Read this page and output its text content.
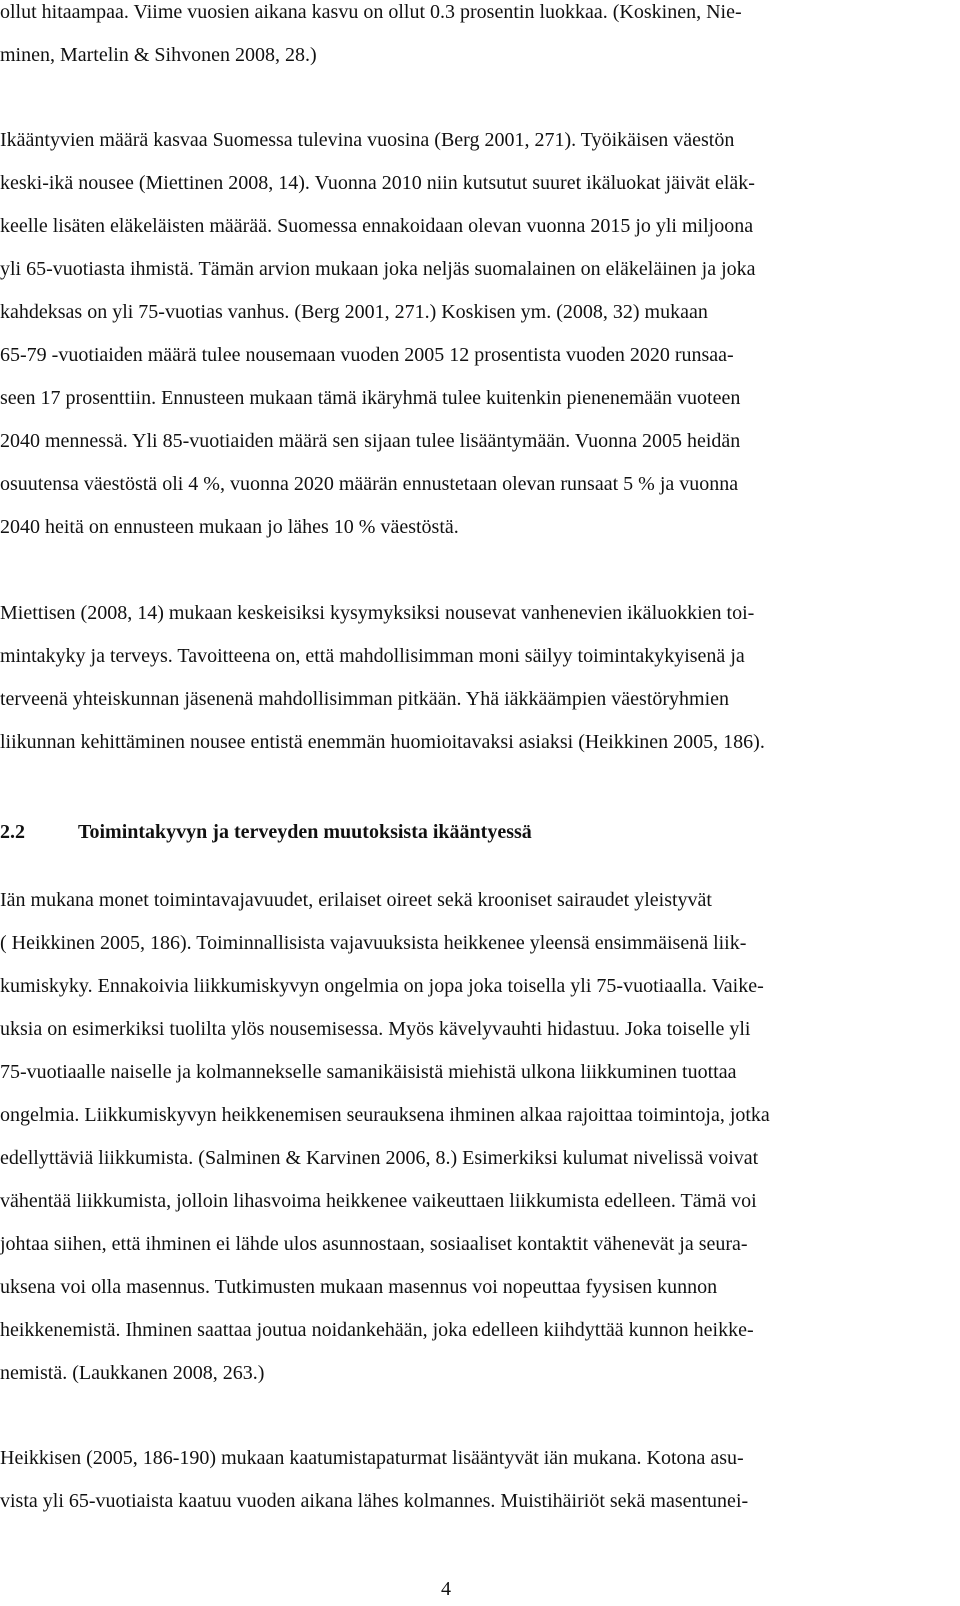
ollut hitaampaa. Viime vuosien aikana kasvu on ollut 0.3 prosentin luokkaa. (Koskinen, Nie-
minen, Martelin & Sihvonen 2008, 28.)
Ikääntyvien määrä kasvaa Suomessa tulevina vuosina (Berg 2001, 271). Työikäisen väestön
keski-ikä nousee (Miettinen 2008, 14). Vuonna 2010 niin kutsutut suuret ikäluokat jäivät eläk-
keelle lisäten eläkeläisten määrää. Suomessa ennakoidaan olevan vuonna 2015 jo yli miljoona
yli 65-vuotiasta ihmistä. Tämän arvion mukaan joka neljäs suomalainen on eläkeläinen ja joka
kahdeksas on yli 75-vuotias vanhus. (Berg 2001, 271.) Koskisen ym. (2008, 32) mukaan
65-79 -vuotiaiden määrä tulee nousemaan vuoden 2005 12 prosentista vuoden 2020 runsaa-
seen 17 prosenttiin. Ennusteen mukaan tämä ikäryhmä tulee kuitenkin pienenemään vuoteen
2040 mennessä. Yli 85-vuotiaiden määrä sen sijaan tulee lisääntymään. Vuonna 2005 heidän
osuutensa väestöstä oli 4 %, vuonna 2020 määrän ennustetaan olevan runsaat 5 % ja vuonna
2040 heitä on ennusteen mukaan jo lähes 10 % väestöstä.
Miettisen (2008, 14) mukaan keskeisiksi kysymyksiksi nousevat vanhenevien ikäluokkien toi-
mintakyky ja terveys. Tavoitteena on, että mahdollisimman moni säilyy toimintakykyisenä ja
terveenä yhteiskunnan jäsenenä mahdollisimman pitkään. Yhä iäkkäämpien väestöryhmien
liikunnan kehittäminen nousee entistä enemmän huomioitavaksi asiaksi (Heikkinen 2005, 186).
2.2	Toimintakyvyn ja terveyden muutoksista ikääntyessä
Iän mukana monet toimintavajavuudet, erilaiset oireet sekä krooniset sairaudet yleistyvät
( Heikkinen 2005, 186). Toiminnallisista vajavuuksista heikkenee yleensä ensimmäisenä liik-
kumiskyky. Ennakoivia liikkumiskyvyn ongelmia on jopa joka toisella yli 75-vuotiaalla. Vaike-
uksia on esimerkiksi tuolilta ylös nousemisessa. Myös kävelyvauhti hidastuu. Joka toiselle yli
75-vuotiaalle naiselle ja kolmannekselle samanikäisistä miehistä ulkona liikkuminen tuottaa
ongelmia. Liikkumiskyvyn heikkenemisen seurauksena ihminen alkaa rajoittaa toimintoja, jotka
edellyttäviä liikkumista. (Salminen & Karvinen 2006, 8.) Esimerkiksi kulumat nivelissä voivat
vähentää liikkumista, jolloin lihasvoima heikkenee vaikeuttaen liikkumista edelleen. Tämä voi
johtaa siihen, että ihminen ei lähde ulos asunnostaan, sosiaaliset kontaktit vähenevät ja seura-
uksena voi olla masennus. Tutkimusten mukaan masennus voi nopeuttaa fyysisen kunnon
heikkenemistä. Ihminen saattaa joutua noidankehään, joka edelleen kiihdyttää kunnon heikke-
nemistä. (Laukkanen 2008, 263.)
Heikkisen (2005, 186-190) mukaan kaatumistapaturmat lisääntyvät iän mukana. Kotona asu-
vista yli 65-vuotiaista kaatuu vuoden aikana lähes kolmannes. Muistihäiriöt sekä masentunei-
4
